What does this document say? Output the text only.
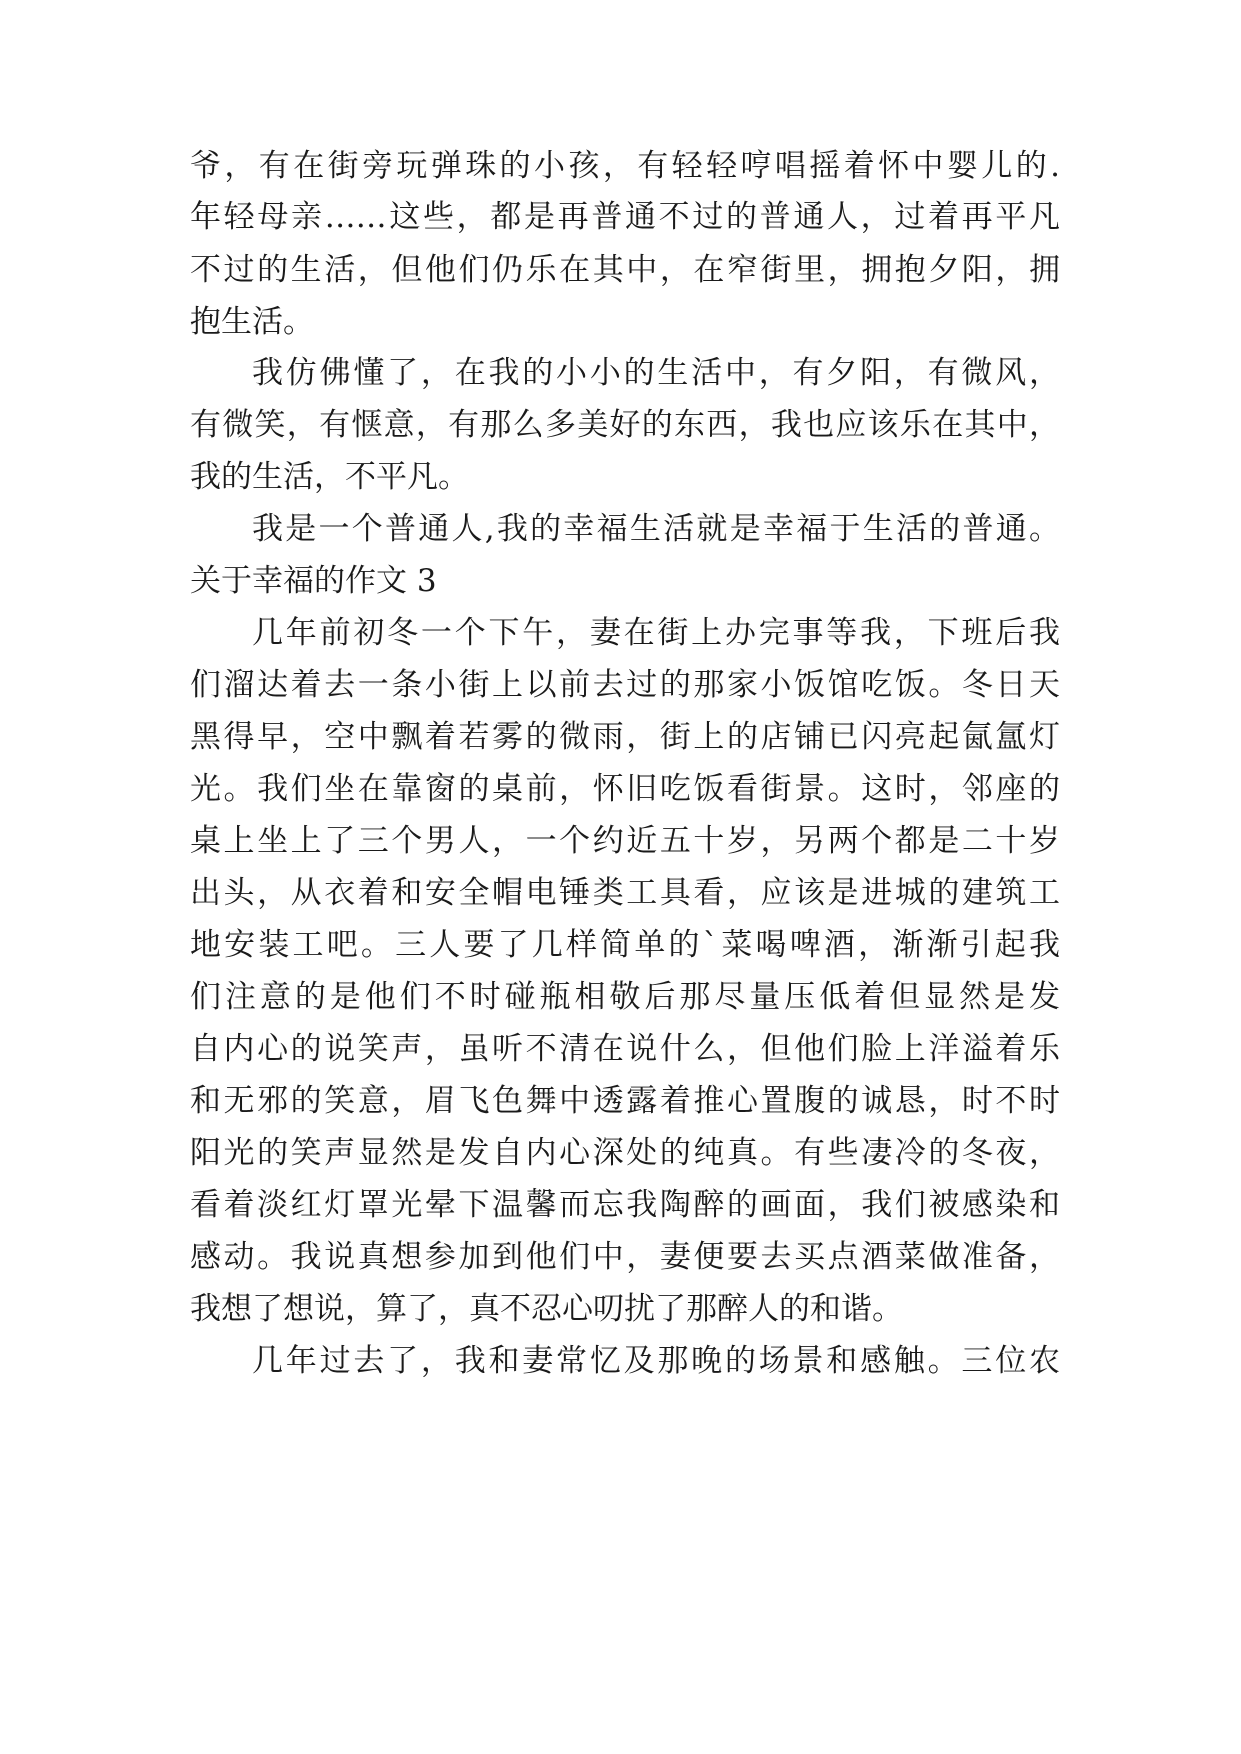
爷，有在街旁玩弹珠的小孩，有轻轻哼唱摇着怀中婴儿的.
年轻母亲……这些，都是再普通不过的普通人，过着再平凡
不过的生活，但他们仍乐在其中，在窄街里，拥抱夕阳，拥
抱生活。
我仿佛懂了，在我的小小的生活中，有夕阳，有微风，
有微笑，有惬意，有那么多美好的东西，我也应该乐在其中，
我的生活，不平凡。
我是一个普通人,我的幸福生活就是幸福于生活的普通。
关于幸福的作文 3
几年前初冬一个下午，妻在街上办完事等我，下班后我
们溜达着去一条小街上以前去过的那家小饭馆吃饭。冬日天
黑得早，空中飘着若雾的微雨，街上的店铺已闪亮起氤氲灯
光。我们坐在靠窗的桌前，怀旧吃饭看街景。这时，邻座的
桌上坐上了三个男人，一个约近五十岁，另两个都是二十岁
出头，从衣着和安全帽电锤类工具看，应该是进城的建筑工
地安装工吧。三人要了几样简单的`菜喝啤酒，渐渐引起我
们注意的是他们不时碰瓶相敬后那尽量压低着但显然是发
自内心的说笑声，虽听不清在说什么，但他们脸上洋溢着乐
和无邪的笑意，眉飞色舞中透露着推心置腹的诚恳，时不时
阳光的笑声显然是发自内心深处的纯真。有些凄冷的冬夜，
看着淡红灯罩光晕下温馨而忘我陶醉的画面，我们被感染和
感动。我说真想参加到他们中，妻便要去买点酒菜做准备，
我想了想说，算了，真不忍心叨扰了那醉人的和谐。
几年过去了，我和妻常忆及那晚的场景和感触。三位农
